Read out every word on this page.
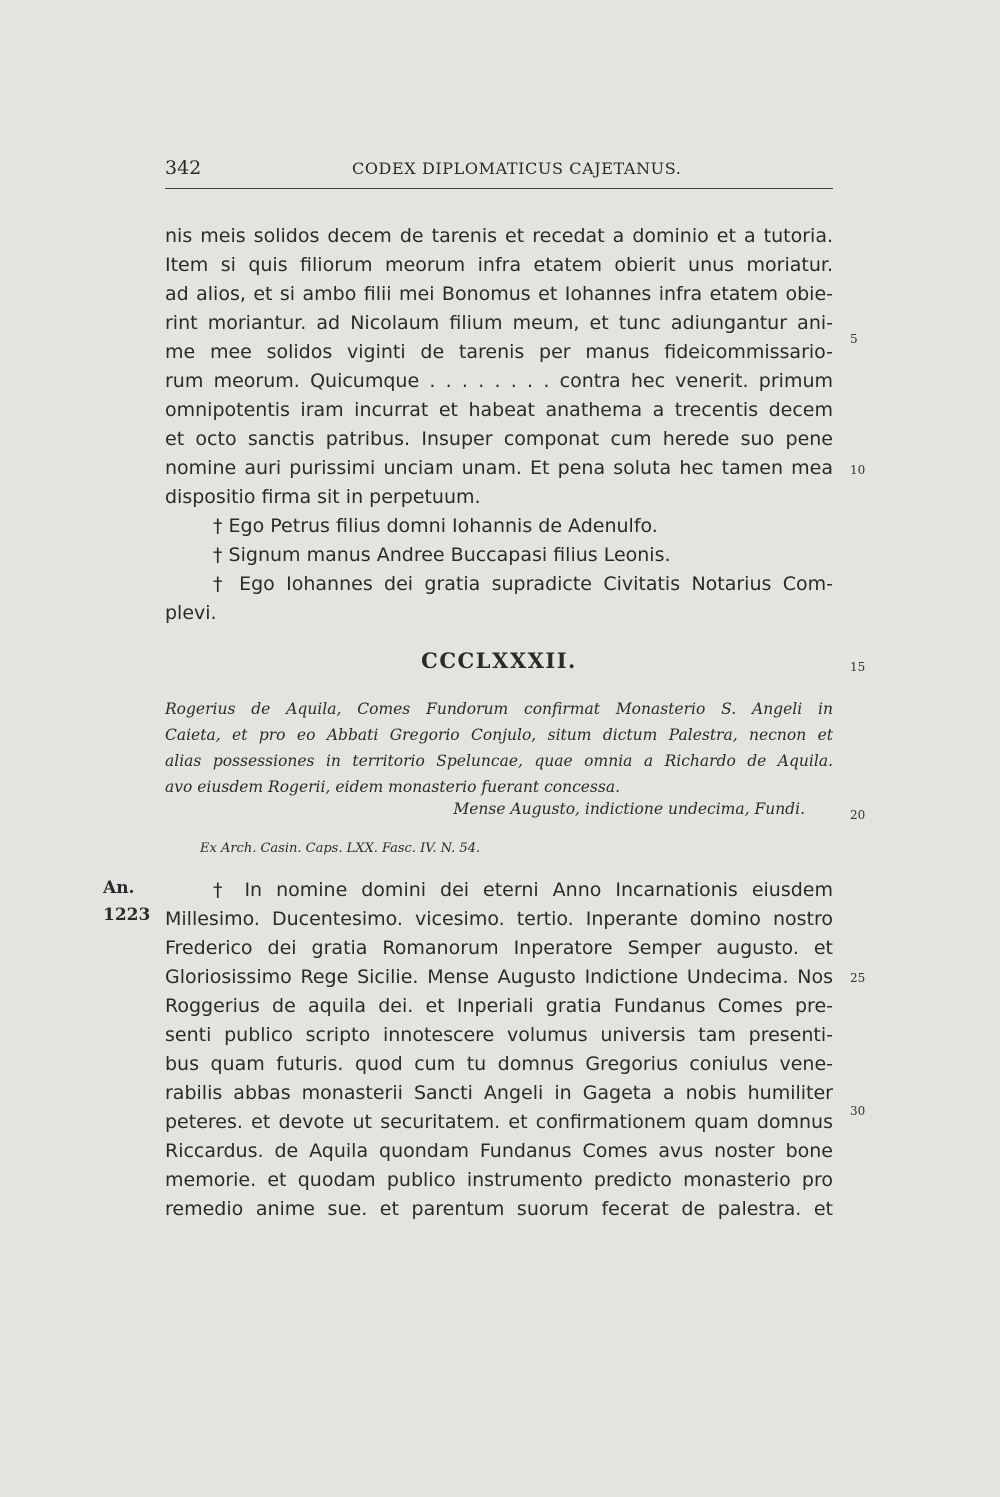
342	CODEX DIPLOMATICUS CAJETANUS.
nis meis solidos decem de tarenis et recedat a dominio et a tutoria.
Item si quis filiorum meorum infra etatem obierit unus moriatur.
ad alios, et si ambo filii mei Bonomus et Iohannes infra etatem obie-
rint moriantur. ad Nicolaum filium meum, et tunc adiungantur ani-
me mee solidos viginti de tarenis per manus fideicommissario-
rum meorum. Quicumque . . . . . . . . contra hec venerit. primum
omnipotentis iram incurrat et habeat anathema a trecentis decem
et octo sanctis patribus. Insuper componat cum herede suo pene
nomine auri purissimi unciam unam. Et pena soluta hec tamen mea
dispositio firma sit in perpetuum.
† Ego Petrus filius domni Iohannis de Adenulfo.
† Signum manus Andree Buccapasi filius Leonis.
† Ego Iohannes dei gratia supradicte Civitatis Notarius Com-
plevi.
CCCLXXXII.
Rogerius de Aquila, Comes Fundorum confirmat Monasterio S. Angeli in
Caieta, et pro eo Abbati Gregorio Conjulo, situm dictum Palestra, necnon et
alias possessiones in territorio Speluncae, quae omnia a Richardo de Aquila.
avo eiusdem Rogerii, eidem monasterio fuerant concessa.
Mense Augusto, indictione undecima, Fundi.
Ex Arch. Casin. Caps. LXX. Fasc. IV. N. 54.
An.
1223
† In nomine domini dei eterni Anno Incarnationis eiusdem
Millesimo. Ducentesimo. vicesimo. tertio. Inperante domino nostro
Frederico dei gratia Romanorum Inperatore Semper augusto. et
Gloriosissimo Rege Sicilie. Mense Augusto Indictione Undecima. Nos
Roggerius de aquila dei. et Inperiali gratia Fundanus Comes pre-
senti publico scripto innotescere volumus universis tam presenti-
bus quam futuris. quod cum tu domnus Gregorius coniulus vene-
rabilis abbas monasterii Sancti Angeli in Gageta a nobis humiliter
peteres. et devote ut securitatem. et confirmationem quam domnus
Riccardus. de Aquila quondam Fundanus Comes avus noster bone
memorie. et quodam publico instrumento predicto monasterio pro
remedio anime sue. et parentum suorum fecerat de palestra. et
5
10
15
20
25
30
